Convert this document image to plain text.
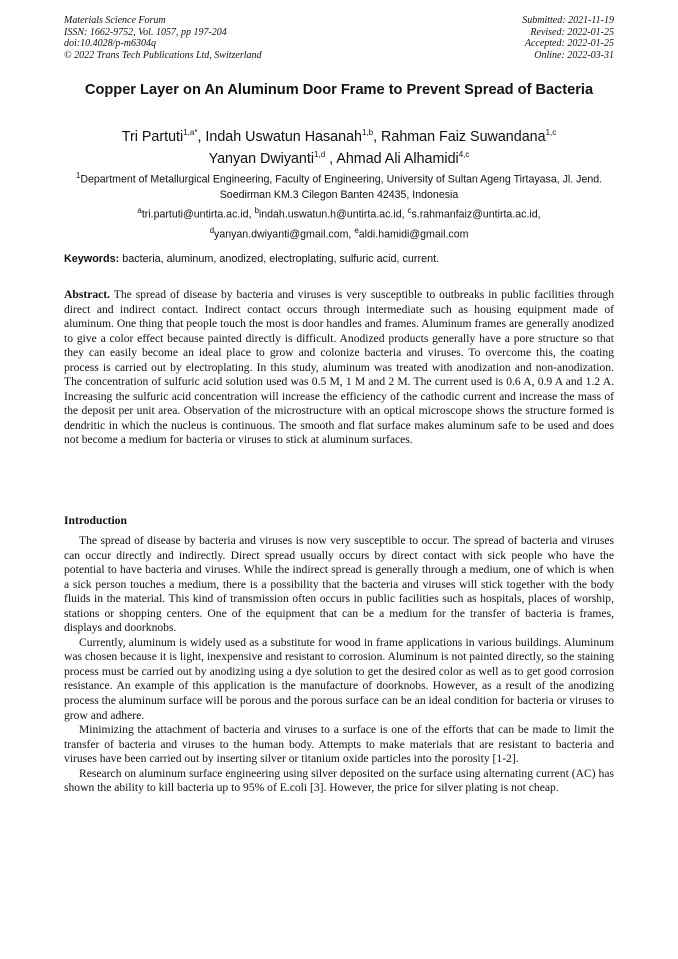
Materials Science Forum
ISSN: 1662-9752, Vol. 1057, pp 197-204
doi:10.4028/p-m6304q
© 2022 Trans Tech Publications Ltd, Switzerland
Submitted: 2021-11-19
Revised: 2022-01-25
Accepted: 2022-01-25
Online: 2022-03-31
Copper Layer on An Aluminum Door Frame to Prevent Spread of Bacteria
Tri Partuti$^{1,a*}$, Indah Uswatun Hasanah$^{1,b}$, Rahman Faiz Suwandana$^{1,c}$
Yanyan Dwiyanti$^{1,d}$ , Ahmad Ali Alhamidi$^{4,c}$
$^1$Department of Metallurgical Engineering, Faculty of Engineering, University of Sultan Ageng Tirtayasa, Jl. Jend. Soedirman KM.3 Cilegon Banten 42435, Indonesia
$^a$tri.partuti@untirta.ac.id, $^b$indah.uswatun.h@untirta.ac.id, $^c$s.rahmanfaiz@untirta.ac.id,
$^d$yanyan.dwiyanti@gmail.com, $^e$aldi.hamidi@gmail.com
Keywords: bacteria, aluminum, anodized, electroplating, sulfuric acid, current.

Abstract. The spread of disease by bacteria and viruses is very susceptible to outbreaks in public facilities through direct and indirect contact. Indirect contact occurs through intermediate such as housing equipment made of aluminum. One thing that people touch the most is door handles and frames. Aluminum frames are generally anodized to give a color effect because painted directly is difficult. Anodized products generally have a pore structure so that they can easily become an ideal place to grow and colonize bacteria and viruses. To overcome this, the coating process is carried out by electroplating. In this study, aluminum was treated with anodization and non-anodization. The concentration of sulfuric acid solution used was 0.5 M, 1 M and 2 M. The current used is 0.6 A, 0.9 A and 1.2 A. Increasing the sulfuric acid concentration will increase the efficiency of the cathodic current and increase the mass of the deposit per unit area. Observation of the microstructure with an optical microscope shows the structure formed is dendritic in which the nucleus is continuous. The smooth and flat surface makes aluminum safe to be used and does not become a medium for bacteria or viruses to stick at aluminum surfaces.

Introduction

The spread of disease by bacteria and viruses is now very susceptible to occur. The spread of bacteria and viruses can occur directly and indirectly. Direct spread usually occurs by direct contact with sick people who have the potential to have bacteria and viruses. While the indirect spread is generally through a medium, one of which is when a sick person touches a medium, there is a possibility that the bacteria and viruses will stick together with the body fluids in the material. This kind of transmission often occurs in public facilities such as hospitals, places of worship, stations or shopping centers. One of the equipment that can be a medium for the transfer of bacteria is frames, displays and doorknobs.

Currently, aluminum is widely used as a substitute for wood in frame applications in various buildings. Aluminum was chosen because it is light, inexpensive and resistant to corrosion. Aluminum is not painted directly, so the staining process must be carried out by anodizing using a dye solution to get the desired color as well as to get good corrosion resistance. An example of this application is the manufacture of doorknobs. However, as a result of the anodizing process the aluminum surface will be porous and the porous surface can be an ideal condition for bacteria or viruses to grow and adhere.

Minimizing the attachment of bacteria and viruses to a surface is one of the efforts that can be made to limit the transfer of bacteria and viruses to the human body. Attempts to make materials that are resistant to bacteria and viruses have been carried out by inserting silver or titanium oxide particles into the porosity [1-2].

Research on aluminum surface engineering using silver deposited on the surface using alternating current (AC) has shown the ability to kill bacteria up to 95% of E.coli [3]. However, the price for silver plating is not cheap.
